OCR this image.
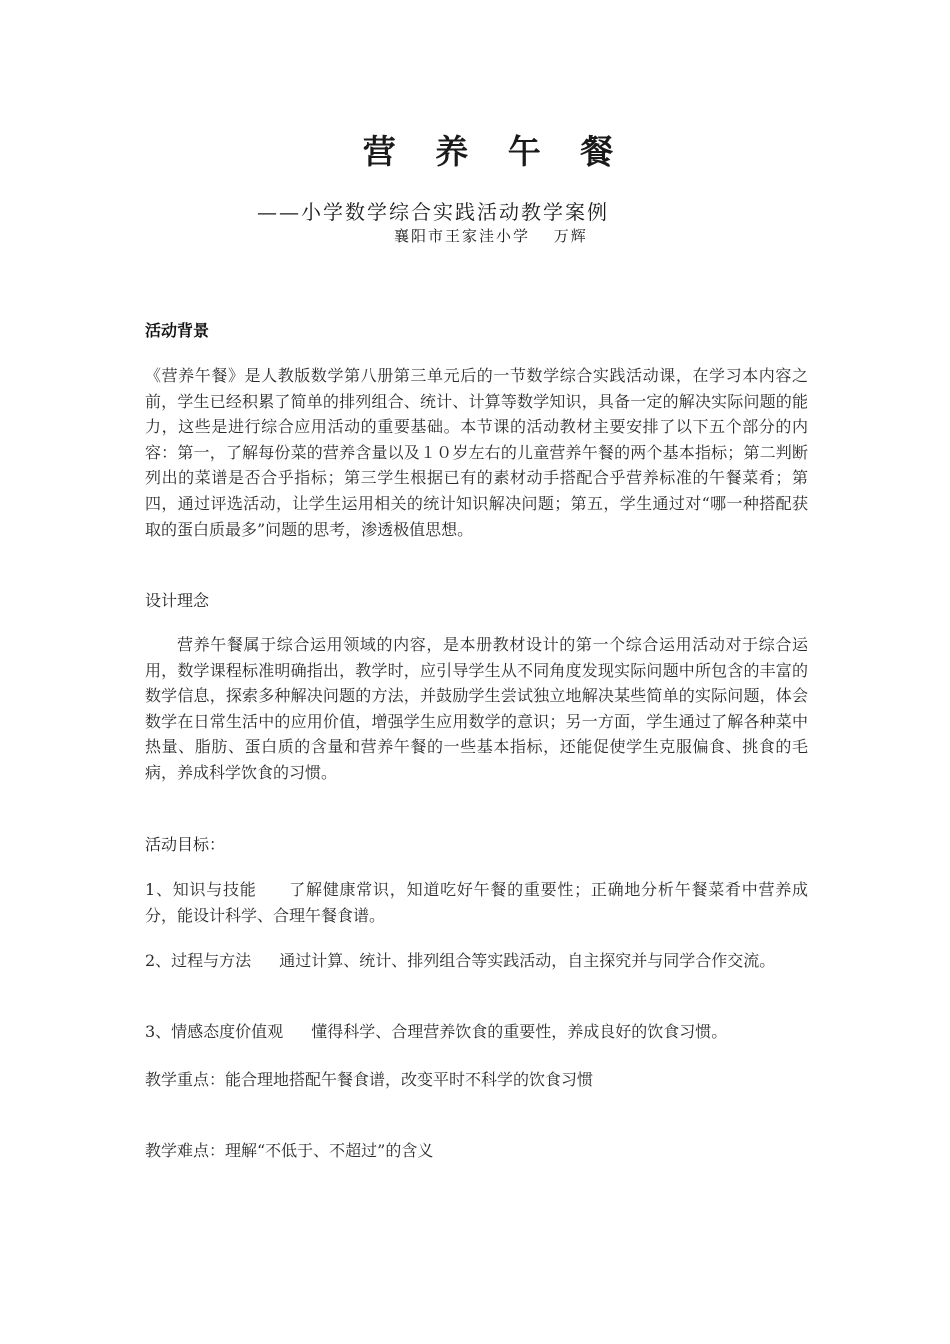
营 养 午 餐
——小学数学综合实践活动教学案例
襄阳市王家洼小学　 万辉
活动背景
《营养午餐》是人教版数学第八册第三单元后的一节数学综合实践活动课，在学习本内容之前，学生已经积累了简单的排列组合、统计、计算等数学知识，具备一定的解决实际问题的能力，这些是进行综合应用活动的重要基础。本节课的活动教材主要安排了以下五个部分的内容：第一，了解每份菜的营养含量以及１０岁左右的儿童营养午餐的两个基本指标；第二判断列出的菜谱是否合乎指标；第三学生根据已有的素材动手搭配合乎营养标准的午餐菜肴；第四，通过评选活动，让学生运用相关的统计知识解决问题；第五，学生通过对“哪一种搭配获取的蛋白质最多”问题的思考，渗透极值思想。
设计理念
营养午餐属于综合运用领域的内容，是本册教材设计的第一个综合运用活动对于综合运用，数学课程标准明确指出，教学时，应引导学生从不同角度发现实际问题中所包含的丰富的数学信息，探索多种解决问题的方法，并鼓励学生尝试独立地解决某些简单的实际问题，体会数学在日常生活中的应用价值，增强学生应用数学的意识；另一方面，学生通过了解各种菜中热量、脂肪、蛋白质的含量和营养午餐的一些基本指标，还能促使学生克服偏食、挑食的毛病，养成科学饮食的习惯。
活动目标：
1、知识与技能 了解健康常识，知道吃好午餐的重要性；正确地分析午餐菜肴中营养成分，能设计科学、合理午餐食谱。
2、过程与方法 通过计算、统计、排列组合等实践活动，自主探究并与同学合作交流。
3、情感态度价值观 懂得科学、合理营养饮食的重要性，养成良好的饮食习惯。
教学重点：能合理地搭配午餐食谱，改变平时不科学的饮食习惯
教学难点：理解“不低于、不超过”的含义
